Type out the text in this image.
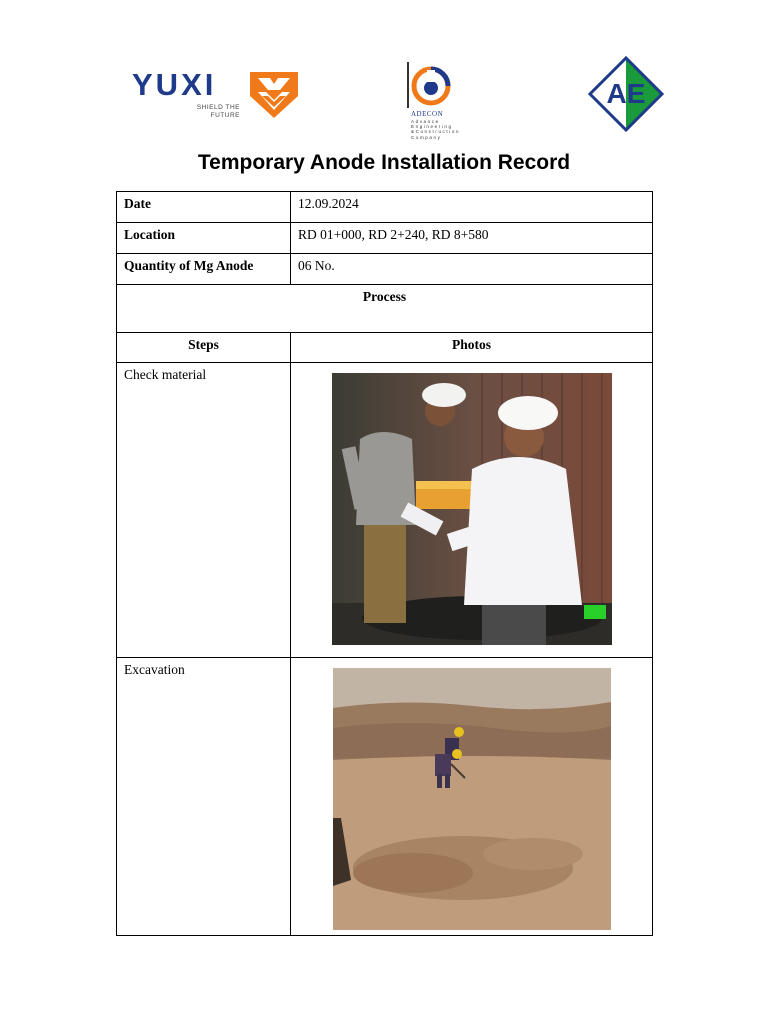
YUXI
SHIELD THE
FUTURE	ADECON
Advance Engineering &Construction Company
AE
Temporary Anode Installation Record
Date	12.09.2024
Location	RD 01+000, RD 2+240, RD 8+580
Quantity of Mg Anode	06 No.
Process	
Steps	Photos
Check material	

Excavation	
